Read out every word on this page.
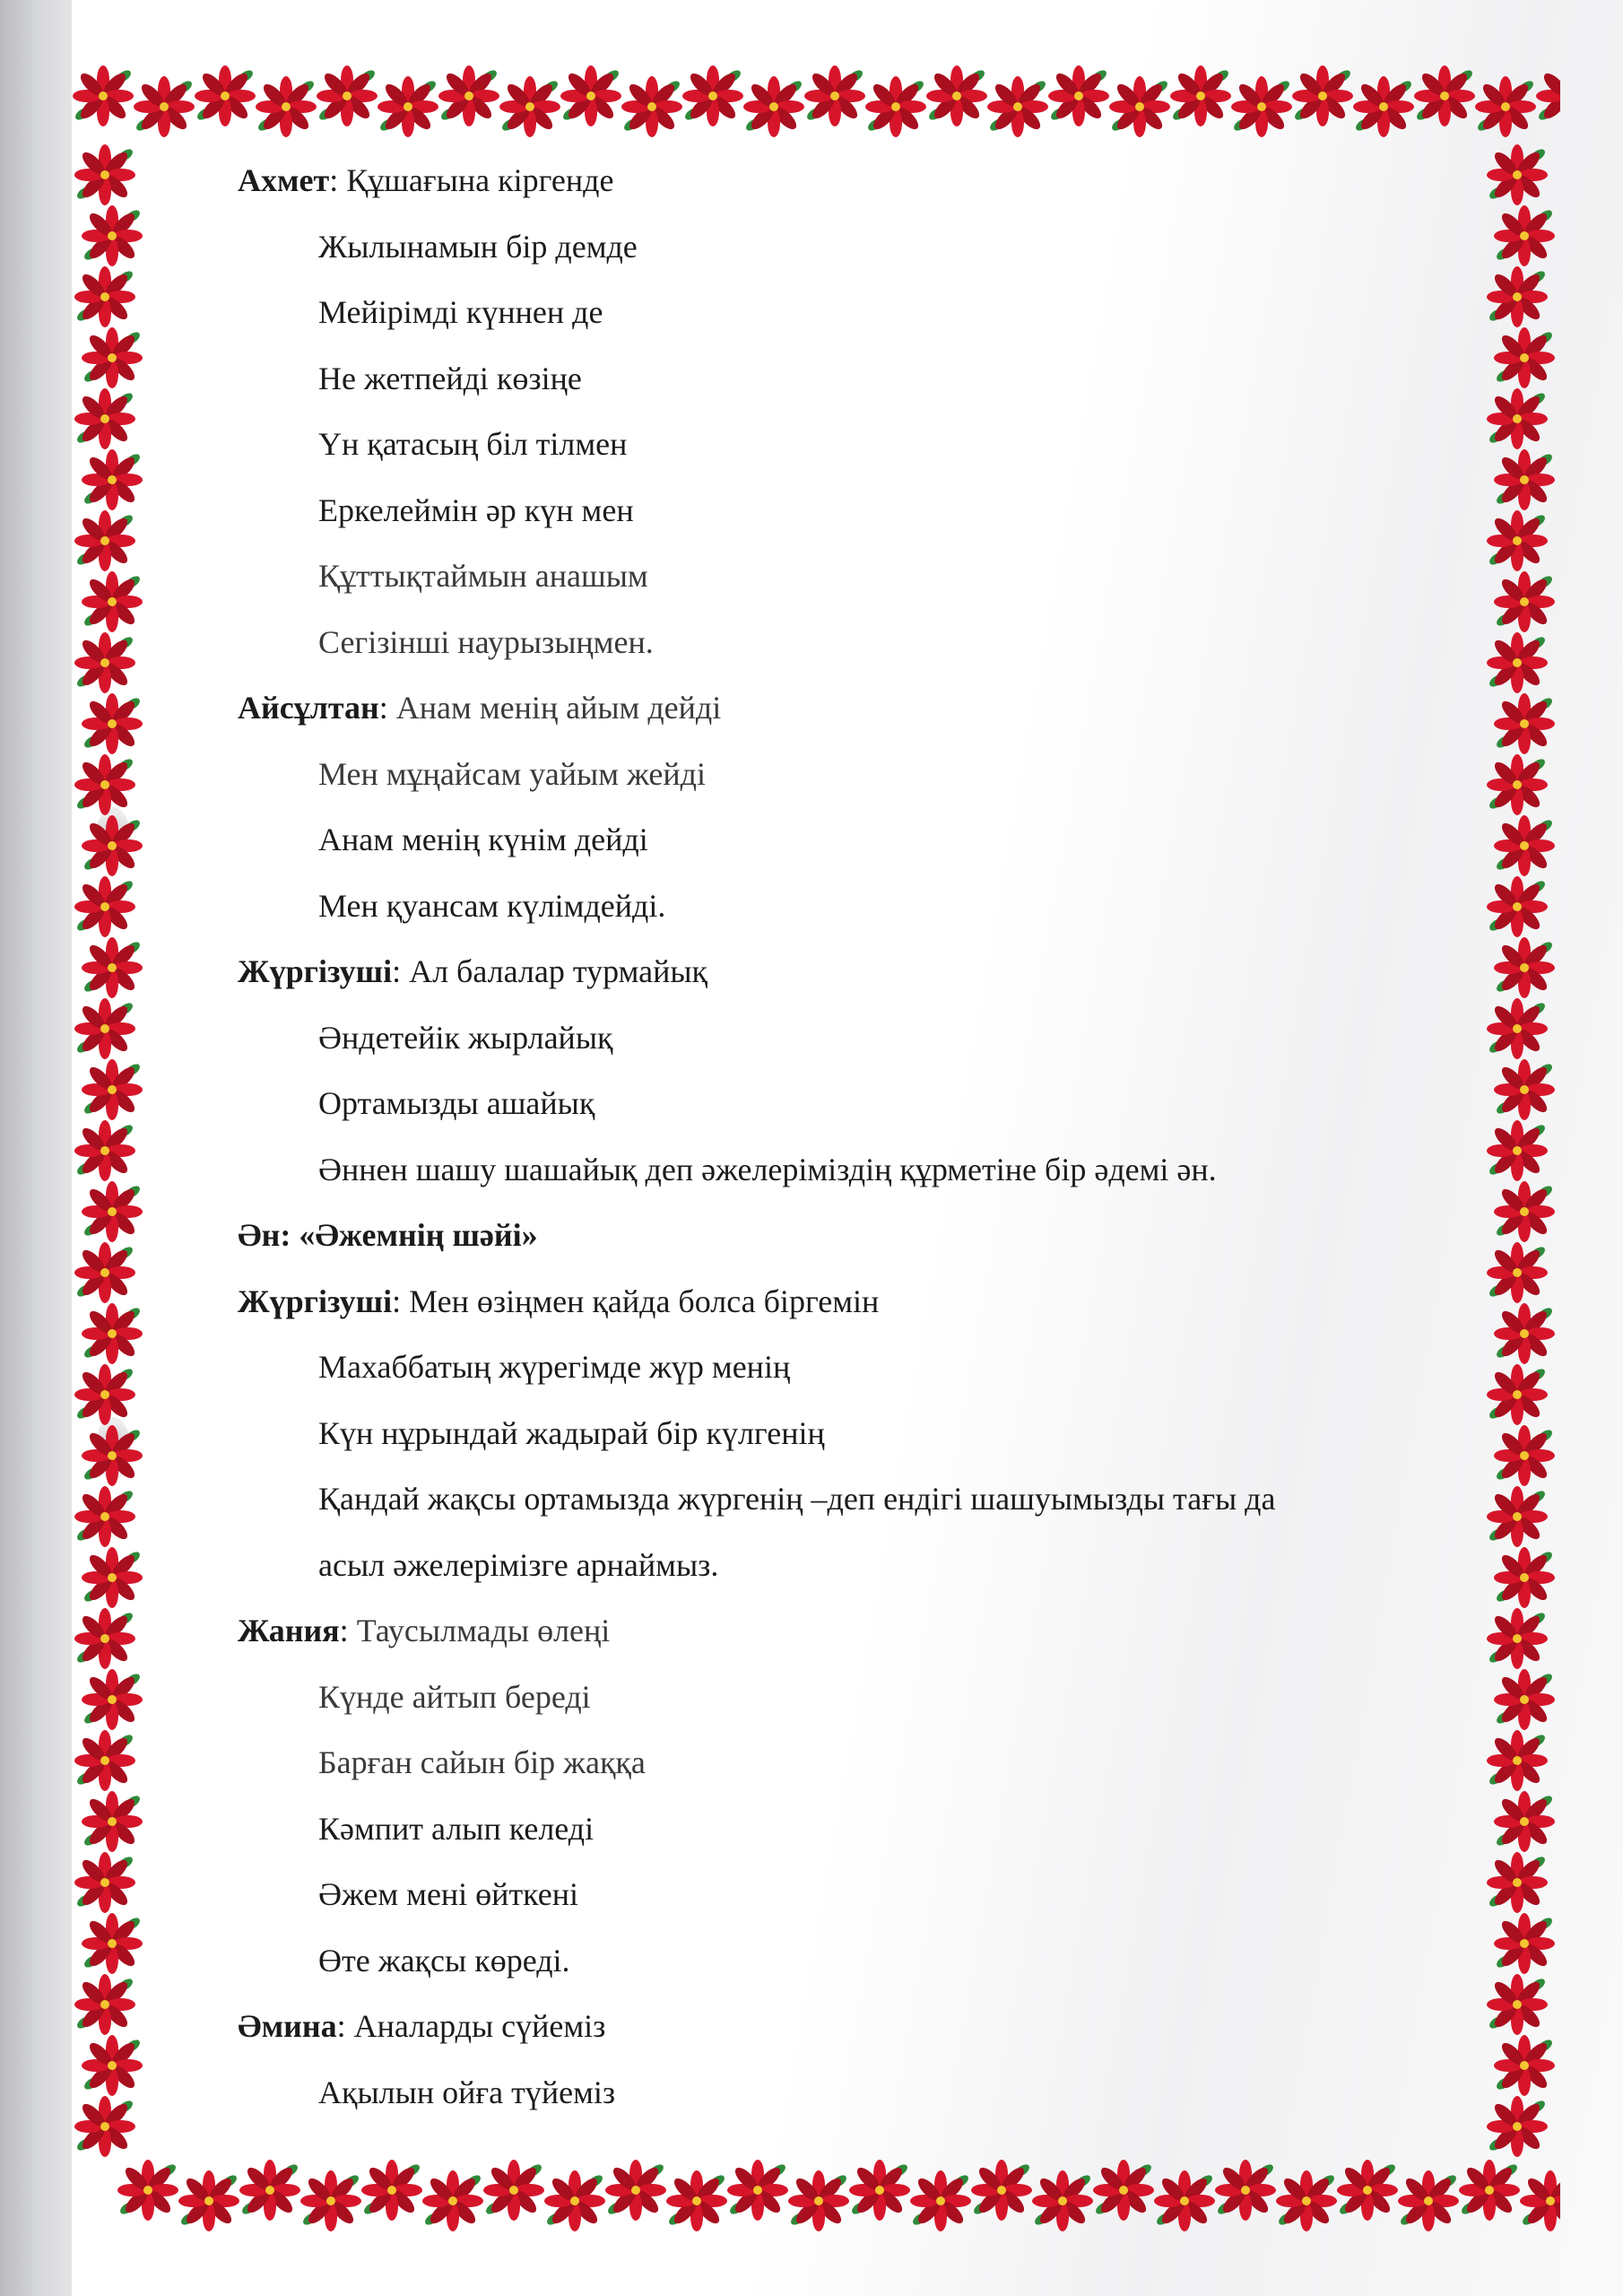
Ахмет: Құшағына кіргенде
Жылынамын бір демде
Мейірімді күннен де
Не жетпейді көзіңе
Үн қатасың біл тілмен
Еркелеймін әр күн мен
Құттықтаймын анашым
Сегізінші наурызыңмен.
Айсұлтан: Анам менің айым дейді
Мен мұңайсам уайым жейді
Анам менің күнім дейді
Мен қуансам күлімдейді.
Жүргізуші: Ал балалар турмайық
Әндетейік жырлайық
Ортамызды ашайық
Әннен шашу шашайық деп әжелеріміздің құрметіне бір әдемі ән.
Ән: «Әжемнің шәйі»
Жүргізуші: Мен өзіңмен қайда болса біргемін
Махаббатың жүрегімде жүр менің
Күн нұрындай жадырай бір күлгенің
Қандай жақсы ортамызда жүргенің –деп ендігі шашуымызды тағы да
асыл әжелерімізге арнаймыз.
Жания: Таусылмады өлеңі
Күнде айтып береді
Барған сайын бір жаққа
Кәмпит алып келеді
Әжем мені өйткені
Өте жақсы көреді.
Әмина: Аналарды сүйеміз
Ақылын ойға түйеміз
